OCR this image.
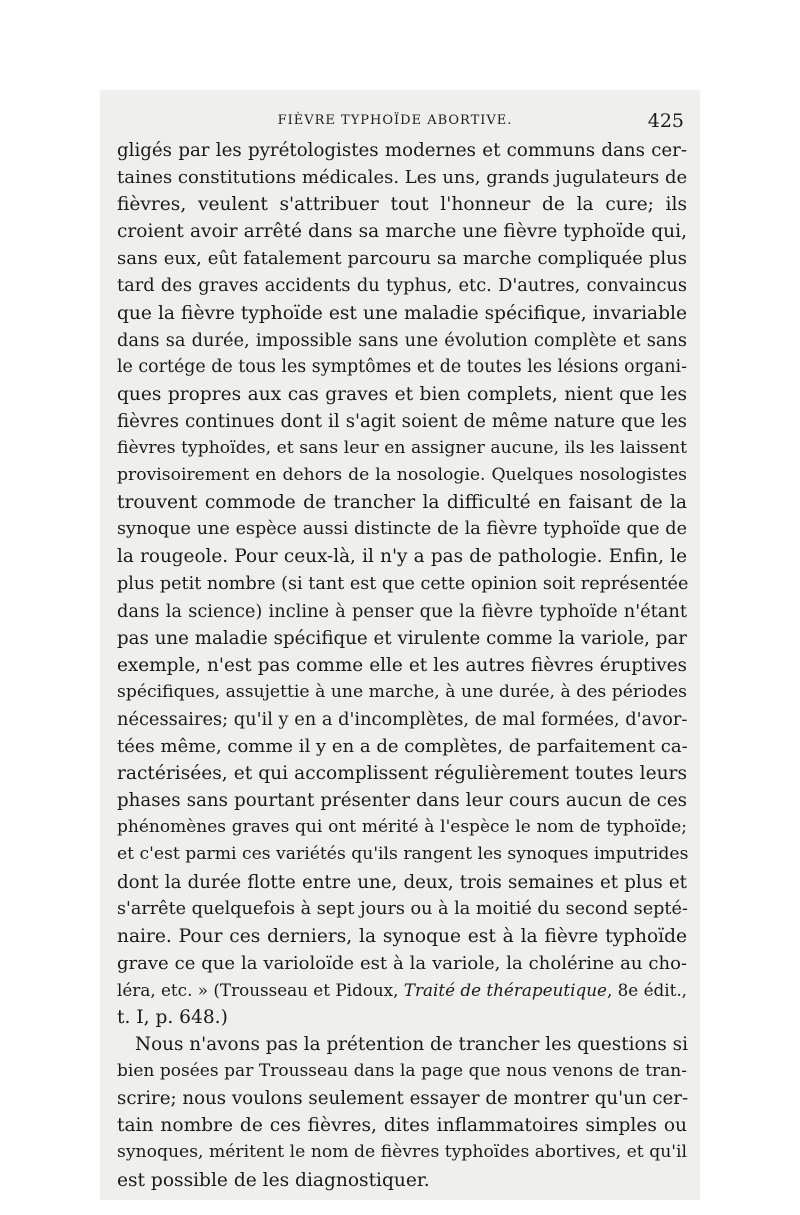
FIÈVRE TYPHOÏDE ABORTIVE.	425
gligés par les pyrétologistes modernes et communs dans cer-
taines constitutions médicales. Les uns, grands jugulateurs de
fièvres, veulent s'attribuer tout l'honneur de la cure; ils
croient avoir arrêté dans sa marche une fièvre typhoïde qui,
sans eux, eût fatalement parcouru sa marche compliquée plus
tard des graves accidents du typhus, etc. D'autres, convaincus
que la fièvre typhoïde est une maladie spécifique, invariable
dans sa durée, impossible sans une évolution complète et sans
le cortége de tous les symptômes et de toutes les lésions organi-
ques propres aux cas graves et bien complets, nient que les
fièvres continues dont il s'agit soient de même nature que les
fièvres typhoïdes, et sans leur en assigner aucune, ils les laissent
provisoirement en dehors de la nosologie. Quelques nosologistes
trouvent commode de trancher la difficulté en faisant de la
synoque une espèce aussi distincte de la fièvre typhoïde que de
la rougeole. Pour ceux-là, il n'y a pas de pathologie. Enfin, le
plus petit nombre (si tant est que cette opinion soit représentée
dans la science) incline à penser que la fièvre typhoïde n'étant
pas une maladie spécifique et virulente comme la variole, par
exemple, n'est pas comme elle et les autres fièvres éruptives
spécifiques, assujettie à une marche, à une durée, à des périodes
nécessaires; qu'il y en a d'incomplètes, de mal formées, d'avor-
tées même, comme il y en a de complètes, de parfaitement ca-
ractérisées, et qui accomplissent régulièrement toutes leurs
phases sans pourtant présenter dans leur cours aucun de ces
phénomènes graves qui ont mérité à l'espèce le nom de typhoïde;
et c'est parmi ces variétés qu'ils rangent les synoques imputrides
dont la durée flotte entre une, deux, trois semaines et plus et
s'arrête quelquefois à sept jours ou à la moitié du second septé-
naire. Pour ces derniers, la synoque est à la fièvre typhoïde
grave ce que la varioloïde est à la variole, la cholérine au cho-
léra, etc. » (Trousseau et Pidoux, Traité de thérapeutique, 8e édit.,
t. I, p. 648.)
Nous n'avons pas la prétention de trancher les questions si
bien posées par Trousseau dans la page que nous venons de tran-
scrire; nous voulons seulement essayer de montrer qu'un cer-
tain nombre de ces fièvres, dites inflammatoires simples ou
synoques, méritent le nom de fièvres typhoïdes abortives, et qu'il
est possible de les diagnostiquer.
